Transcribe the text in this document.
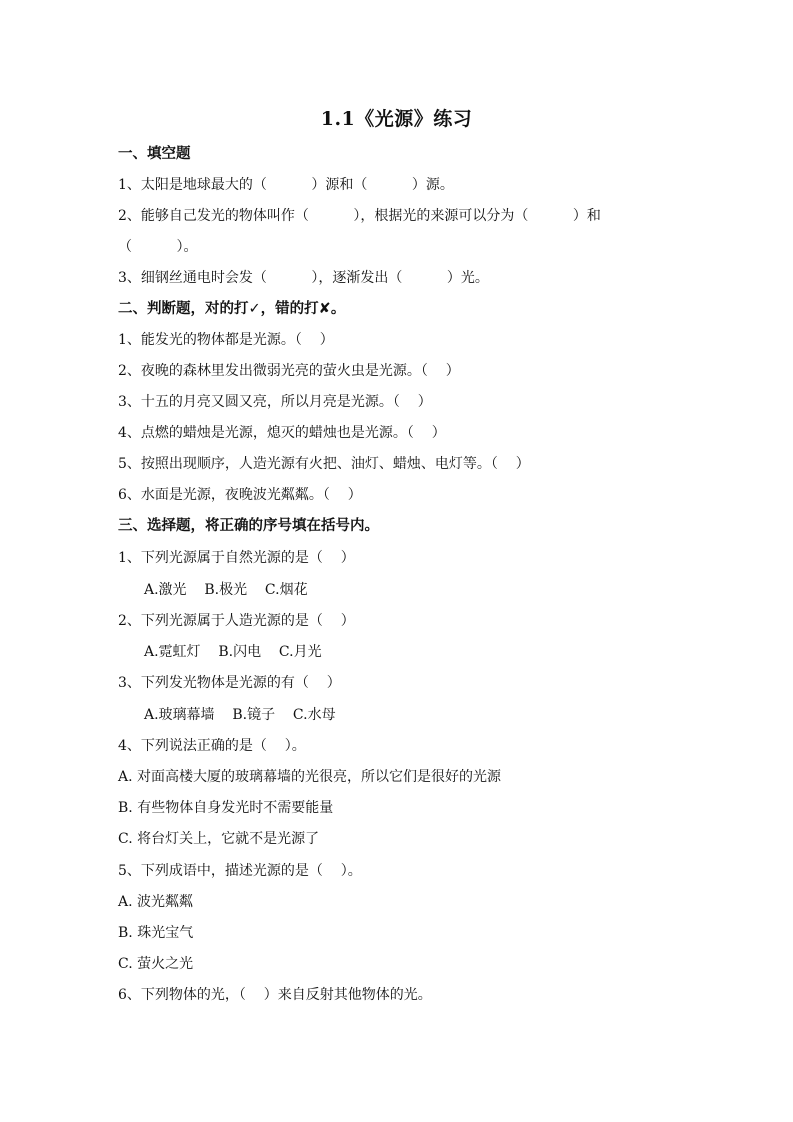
1.1《光源》练习
一、填空题
1、太阳是地球最大的（          ）源和（          ）源。
2、能够自己发光的物体叫作（          ），根据光的来源可以分为（          ）和
（          ）。
3、细钢丝通电时会发（          ），逐渐发出（          ）光。
二、判断题，对的打✓，错的打✘。
1、能发光的物体都是光源。（    ）
2、夜晚的森林里发出微弱光亮的萤火虫是光源。（    ）
3、十五的月亮又圆又亮，所以月亮是光源。（    ）
4、点燃的蜡烛是光源，熄灭的蜡烛也是光源。（    ）
5、按照出现顺序，人造光源有火把、油灯、蜡烛、电灯等。（    ）
6、水面是光源，夜晚波光粼粼。（    ）
三、选择题，将正确的序号填在括号内。
1、下列光源属于自然光源的是（    ）
A.激光    B.极光    C.烟花
2、下列光源属于人造光源的是（    ）
A.霓虹灯    B.闪电    C.月光
3、下列发光物体是光源的有（    ）
A.玻璃幕墙    B.镜子    C.水母
4、下列说法正确的是（    ）。
A. 对面高楼大厦的玻璃幕墙的光很亮，所以它们是很好的光源
B. 有些物体自身发光时不需要能量
C. 将台灯关上，它就不是光源了
5、下列成语中，描述光源的是（    ）。
A. 波光粼粼
B. 珠光宝气
C. 萤火之光
6、下列物体的光，（    ）来自反射其他物体的光。
